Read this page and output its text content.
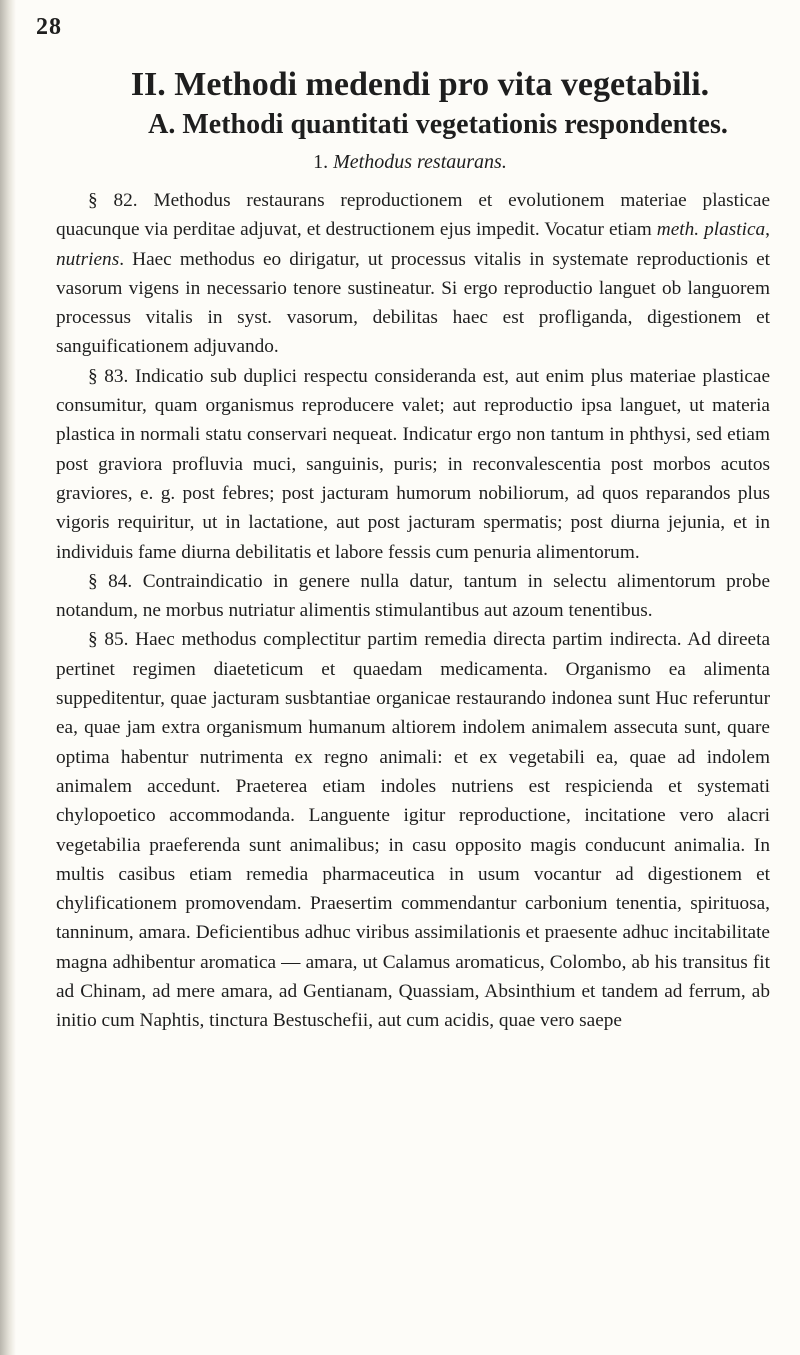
28
II. Methodi medendi pro vita vegetabili.
A. Methodi quantitati vegetationis respondentes.
1. Methodus restaurans.

§ 82. Methodus restaurans reproductionem et evolutionem materiae plasticae quacunque via perditae adjuvat, et destructionem ejus impedit. Vocatur etiam meth. plastica, nutriens. Haec methodus eo dirigatur, ut processus vitalis in systemate reproductionis et vasorum vigens in necessario tenore sustineatur. Si ergo reproductio languet ob languorem processus vitalis in syst. vasorum, debilitas haec est profliganda, digestionem et sanguificationem adjuvando.

§ 83. Indicatio sub duplici respectu consideranda est, aut enim plus materiae plasticae consumitur, quam organismus reproducere valet; aut reproductio ipsa languet, ut materia plastica in normali statu conservari nequeat. Indicatur ergo non tantum in phthysi, sed etiam post graviora profluvia muci, sanguinis, puris; in reconvalescentia post morbos acutos graviores, e. g. post febres; post jacturam humorum nobiliorum, ad quos reparandos plus vigoris requiritur, ut in lactatione, aut post jacturam spermatis; post diurna jejunia, et in individuis fame diurna debilitatis et labore fessis cum penuria alimentorum.

§ 84. Contraindicatio in genere nulla datur, tantum in selectu alimentorum probe notandum, ne morbus nutriatur alimentis stimulantibus aut azoum tenentibus.

§ 85. Haec methodus complectitur partim remedia directa partim indirecta. Ad direeta pertinet regimen diaeteticum et quaedam medicamenta. Organismo ea alimenta suppeditentur, quae jacturam susbtantiae organicae restaurando indonea sunt Huc referuntur ea, quae jam extra organismum humanum altiorem indolem animalem assecuta sunt, quare optima habentur nutrimenta ex regno animali: et ex vegetabili ea, quae ad indolem animalem accedunt. Praeterea etiam indoles nutriens est respicienda et systemati chylopoetico accommodanda. Languente igitur reproductione, incitatione vero alacri vegetabilia praeferenda sunt animalibus; in casu opposito magis conducunt animalia. In multis casibus etiam remedia pharmaceutica in usum vocantur ad digestionem et chylificationem promovendam. Praesertim commendantur carbonium tenentia, spirituosa, tanninum, amara. Deficientibus adhuc viribus assimilationis et praesente adhuc incitabilitate magna adhibentur aromatica — amara, ut Calamus aromaticus, Colombo, ab his transitus fit ad Chinam, ad mere amara, ad Gentianam, Quassiam, Absinthium et tandem ad ferrum, ab initio cum Naphtis, tinctura Bestuschefii, aut cum acidis, quae vero saepe
